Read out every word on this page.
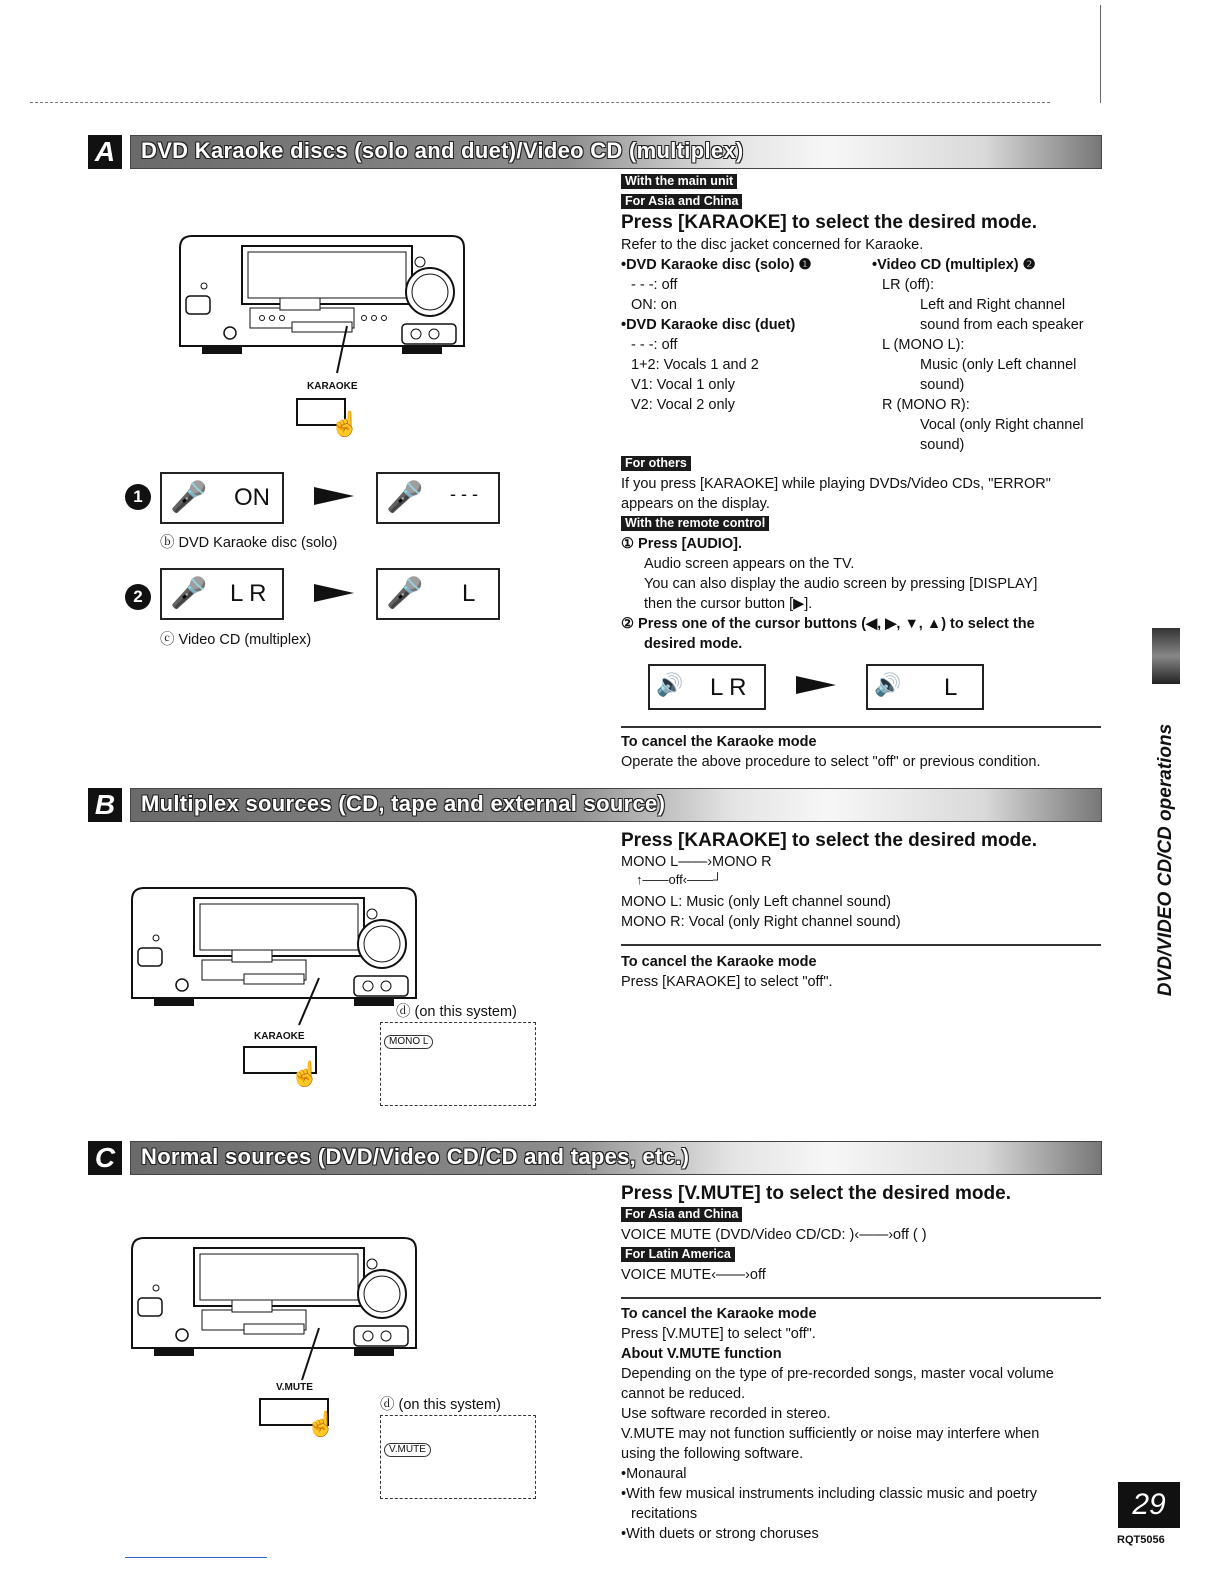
A	DVD Karaoke discs (solo and duet)/Video CD (multiplex)
KARAOKE
☝
1 🎤 ON	🎤 - - -
ⓑ DVD Karaoke disc (solo)
2 🎤 L R	🎤 L
ⓒ Video CD (multiplex)
With the main unit
For Asia and China
Press [KARAOKE] to select the desired mode.
Refer to the disc jacket concerned for Karaoke.
•DVD Karaoke disc (solo) ❶
- - -: off
ON: on
•DVD Karaoke disc (duet)
- - -: off
1+2: Vocals 1 and 2
V1: Vocal 1 only
V2: Vocal 2 only
•Video CD (multiplex) ❷
LR (off):
Left and Right channel
sound from each speaker
L (MONO L):
Music (only Left channel
sound)
R (MONO R):
Vocal (only Right channel
sound)
For others
If you press [KARAOKE] while playing DVDs/Video CDs, "ERROR"
appears on the display.
With the remote control
① Press [AUDIO].
Audio screen appears on the TV.
You can also display the audio screen by pressing [DISPLAY]
then the cursor button [▶].
② Press one of the cursor buttons (◀, ▶, ▼, ▲) to select the
desired mode.
🔊 L R	🔊 L
To cancel the Karaoke mode
Operate the above procedure to select "off" or previous condition.
B	Multiplex sources (CD, tape and external source)
KARAOKE
☝
ⓓ (on this system)
MONO L
Press [KARAOKE] to select the desired mode.
MONO L——›MONO R
↑——off‹——┘
MONO L: Music (only Left channel sound)
MONO R: Vocal (only Right channel sound)
To cancel the Karaoke mode
Press [KARAOKE] to select "off".
C	Normal sources (DVD/Video CD/CD and tapes, etc.)
V.MUTE
☝
ⓓ (on this system)
V.MUTE
Press [V.MUTE] to select the desired mode.
For Asia and China
VOICE MUTE (DVD/Video CD/CD: )‹——›off ( )
For Latin America
VOICE MUTE‹——›off
To cancel the Karaoke mode
Press [V.MUTE] to select "off".
About V.MUTE function
Depending on the type of pre-recorded songs, master vocal volume
cannot be reduced.
Use software recorded in stereo.
V.MUTE may not function sufficiently or noise may interfere when
using the following software.
•Monaural
•With few musical instruments including classic music and poetry
recitations
•With duets or strong choruses
DVD/VIDEO CD/CD operations
29
RQT5056
